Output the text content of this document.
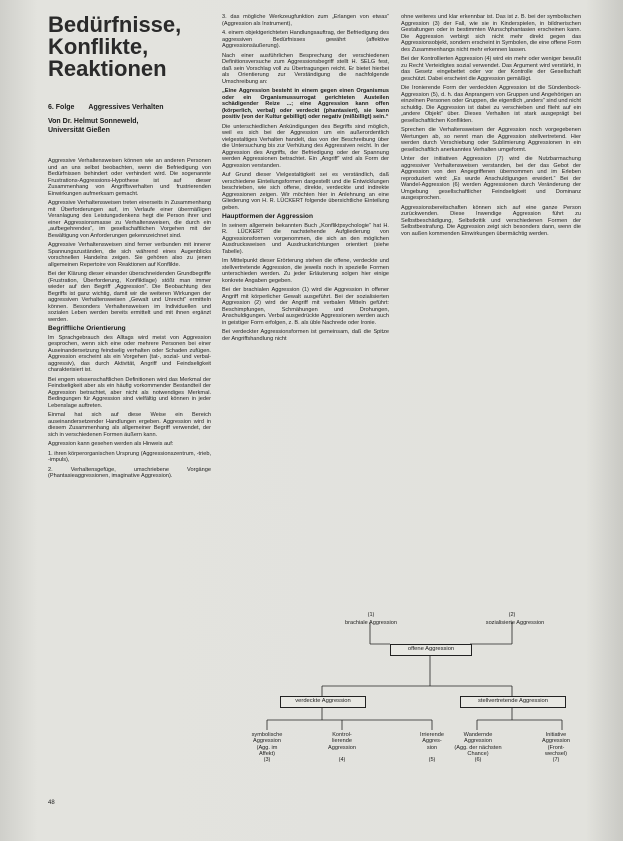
Bedürfnisse,
Konflikte,
Reaktionen
6. Folge Aggressives Verhalten
Von Dr. Helmut Sonneweld,
Universität Gießen

Aggressive Verhaltensweisen können wie an anderen Personen und an uns selbst beobachten, wenn die Befriedigung von Bedürfnissen behindert oder verhindert wird. Die sogenannte Frustrations-Aggressions-Hypothese ist auf dieser Zusammenhang von Angriffsverhalten und frustrierenden Einwirkungen aufmerksam gemacht.

Aggressive Verhaltensweisen treten einerseits in Zusammenhang mit Überforderungen auf, im Verlaufe einer übermäßigen Veranlagung des Leistungsdenkens hegt die Person ihrer und einer Aggressionsmasse zu Verhaltensweisen, die durch ein „aufbegehrendes“, im gesellschaftlichen Vorgehen mit der Bewältigung von Anforderungen gekennzeichnet sind.

Aggressive Verhaltensweisen sind ferner verbunden mit innerer Spannungszuständen, die sich während eines Augenblicks vorschnellen Handelns zeigen. Sie gehören also zu jenen allgemeinen Repertoire von Reaktionen auf Konflikte.

Bei der Klärung dieser einander überschneidenden Grundbegriffe (Frustration, Überforderung, Konfliktlage) stößt man immer wieder auf den Begriff „Aggression“. Die Beobachtung des Begriffs ist ganz wichtig, damit wir die weiteren Wirkungen der aggressiven Verhaltensweisen „Gewalt und Unrecht“ ermitteln können. Besonders Verhaltensweisen im Individuellen und sozialen Leben werden bereits ermittelt und mit ihnen ergänzt werden.

Begriffliche Orientierung

Im Sprachgebrauch des Alltags wird meist von Aggression gesprochen, wenn sich eine oder mehrere Personen bei einer Auseinandersetzung feindselig verhalten oder Schaden zufügen. Aggression erscheint als ein Vorgehen (tat-, sozial- und verbal-aggressiv), das durch Aktivität, Angriff und Feindseligkeit charakterisiert ist.

Bei engem wissenschaftlichen Definitionen wird das Merkmal der Feindseligkeit aber als ein häufig vorkommender Bestandteil der Aggression betrachtet, aber nicht als notwendiges Merkmal. Bedingungen für Aggression sind vielfältig und können in jeder Lebenslage auftreten.

Einmal hat sich auf diese Weise ein Bereich auseinandersetzender Handlungen ergeben. Aggression wird in diesem Zusammenhang als allgemeiner Begriff verwendet, der sich in verschiedenen Formen äußern kann.

Aggression kann gesehen werden als Hinweis auf:

1. ihren körperorganischen Ursprung (Aggressionszentrum, -trieb, -impuls),

2. Verhaltensgefüge, umschriebene Vorgänge (Phantasieaggressionen, imaginative Aggression).

3. das mögliche Werkzeugfunktion zum „Erlangen von etwas“ (Aggression als Instrument),

4. einem objektgerichteten Handlungsauftrag, der Befriedigung des aggressiven Bedürfnisses gewährt (affektive Aggressionsäußerung).

Nach einer ausführlichen Besprechung der verschiedenen Definitionsversuche zum Aggressionsbegriff stellt H. SELG fest, daß sein Vorschlag voll zu Übertragungen reicht. Er bietet hierbei als Orientierung zur Verständigung die nachfolgende Umschreibung an:

„Eine Aggression besteht in einem gegen einen Organismus oder ein Organismussurrogat gerichteten Austeilen schädigender Reize ...; eine Aggression kann offen (körperlich, verbal) oder verdeckt (phantasiert), sie kann positiv (von der Kultur gebilligt) oder negativ (mißbilligt) sein.“

Die unterschiedlichen Ankündigungen des Begriffs sind möglich, weil es sich bei der Aggression um ein außerordentlich vielgestaltiges Verhalten handelt, das von der Beschreibung über die Untersuchung bis zur Verhütung des Aggressiven reicht. In der Aggression des Angriffs, der Befriedigung oder der Spannung werden Aggressionen betrachtet. Ein „Angriff“ wird als Form der Aggression verstanden.

Auf Grund dieser Vielgestaltigkeit sei es verständlich, daß verschiedene Einteilungsformen dargestellt und die Entwicklungen beschrieben, wie sich offene, direkte, verdeckte und indirekte Aggressionen zeigen. Wir möchten hier in Anlehnung an eine Gliederung von H. R. LÜCKERT folgende übersichtliche Einteilung geben.

Hauptformen der Aggression

In seinem allgemein bekannten Buch „Konfliktpsychologie“ hat H. R. LÜCKERT die nachstehende Aufgliederung von Aggressionsformen vorgenommen, die sich an den möglichen Ausdrucksweisen und Ausdrucksrichtungen orientiert (siehe Tabelle).

Im Mittelpunkt dieser Erörterung stehen die offene, verdeckte und stellvertretende Aggression, die jeweils noch in spezielle Formen unterschieden werden. Zu jeder Erläuterung solgen hier einige konkrete Angaben gegeben.

Bei der brachialen Aggression (1) wird die Aggression in offener Angriff mit körperlicher Gewalt ausgeführt. Bei der sozialisierten Aggression (2) wird der Angriff mit verbalen Mitteln geführt: Beschimpfungen, Schmähungen und Drohungen, Anschuldigungen. Verbal ausgedrückte Aggressionen werden auch in geistiger Form erfolgen, z. B. als üble Nachrede oder Ironie.

Bei verdeckter Aggressionsformen ist gemeinsam, daß die Spitze der Angriffshandlung nicht

ohne weiteres und klar erkennbar ist. Das ist z. B. bei der symbolischen Aggression (3) der Fall, wie sie in Kinderspielen, in bildnerischen Gestaltungen oder in bestimmten Wunschphantasien erscheinen kann. Die Aggression verbirgt sich nicht mehr direkt gegen das Aggressionsobjekt, sondern erscheint in Symbolen, die eine offene Form des Zusammenhangs nicht mehr erkennen lassen.

Bei der Kontrollierten Aggression (4) wird ein mehr oder weniger bewußt zu Recht Verteidigtes sozial verwendet. Das Argument wird verstärkt, in das Gesetz eingebettet oder vor der Kontrolle der Gesellschaft geschützt. Dabei erscheint die Aggression gemäßigt.

Die Ironierende Form der verdeckten Aggression ist die Sündenbock-Aggression (5), d. h. das Anprangern von Gruppen und Angehörigen an einzelnen Personen oder Gruppen, die eigentlich „anders“ sind und nicht schuldig. Die Aggression ist dabei zu verschieben und flieht auf ein „andere Objekt“ über. Dieses Verhalten ist stark ausgeprägt bei gesellschaftlichen Konflikten.

Sprechen die Verhaltensweisen der Aggression noch vorgegebenen Wertungen ab, so nennt man die Aggression stellvertretend. Hier werden durch Verschiebung oder Sublimierung Aggressionen in ein gesellschaftlich anerkanntes Verhalten umgeformt.

Unter der initiativen Aggression (7) wird die Nutzbarmachung aggressiver Verhaltensweisen verstanden, bei der das Gebot der Aggression von den Angegriffenen übernommen und im Erleben reproduziert wird: „Es wurde Anschuldigungen erwidert.“ Bei der Wandel-Aggression (6) werden Aggressionen durch Veränderung der Umgebung gesellschaftlicher Feindseligkeit und Dominanz ausgesprochen.

Aggressionsbereitschaften können sich auf eine ganze Person zurückwenden. Diese Inwendige Aggression führt zu Selbstbeschädigung, Selbstkritik und verschiedenen Formen der Selbstbestrafung. Die Aggression zeigt sich besonders dann, wenn die von außen kommenden Einwirkungen übermächtig werden.

(1)
brachiale Aggression
(2)
sozialisierte Aggression
offene Aggression
verdeckte Aggression	stellvertretende Aggression
symbolische
Aggression
(Agg. im
Affekt)
(3)
Kontrol-
lierende
Aggression
(4)
Irrierende
Aggres-
sion
(5)
Wandernde
Aggression
(Agg. der nächsten
Chance)
(6)
Initiative
Aggression
(Front-
wechsel)
(7)
48
